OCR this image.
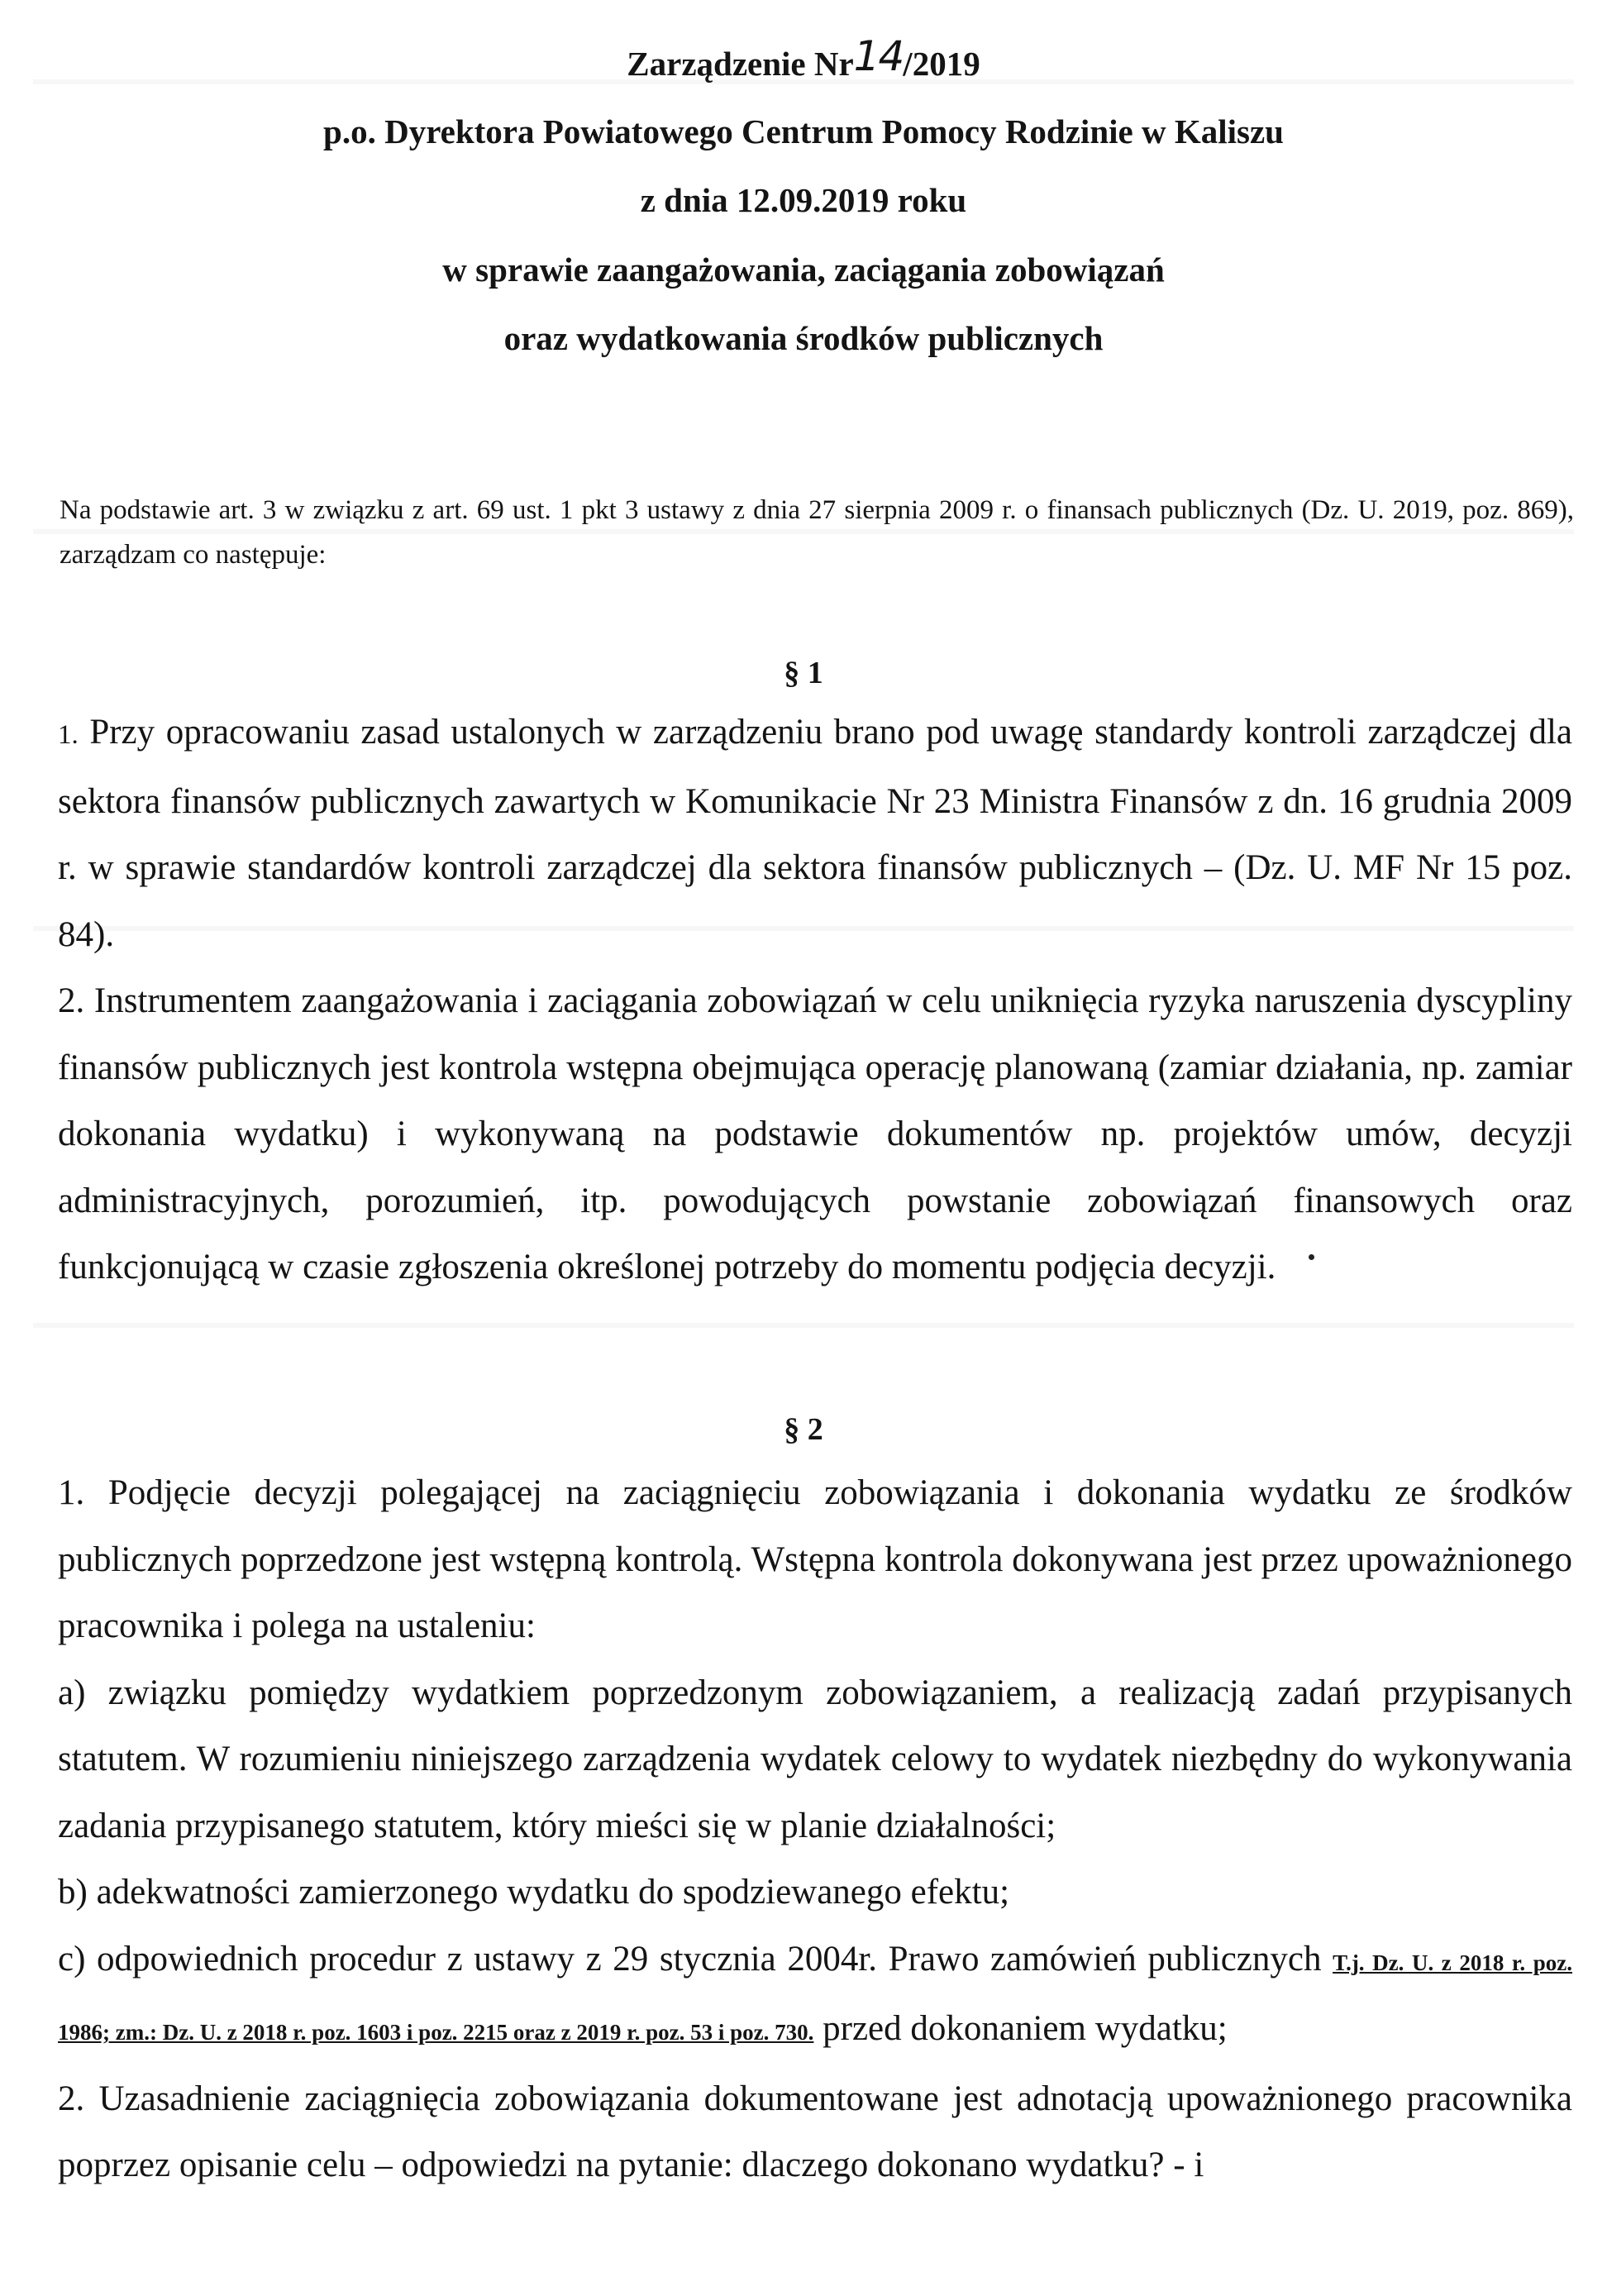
Zarządzenie Nr14/2019
p.o. Dyrektora Powiatowego Centrum Pomocy Rodzinie w Kaliszu
z dnia 12.09.2019 roku
w sprawie zaangażowania, zaciągania zobowiązań
oraz wydatkowania środków publicznych
Na podstawie art. 3 w związku z art. 69 ust. 1 pkt 3 ustawy z dnia 27 sierpnia 2009 r. o finansach publicznych (Dz. U. 2019, poz. 869), zarządzam co następuje:
§ 1

1. Przy opracowaniu zasad ustalonych w zarządzeniu brano pod uwagę standardy kontroli zarządczej dla sektora finansów publicznych zawartych w Komunikacie Nr 23 Ministra Finansów z dn. 16 grudnia 2009 r. w sprawie standardów kontroli zarządczej dla sektora finansów publicznych – (Dz. U. MF Nr 15 poz. 84).

2. Instrumentem zaangażowania i zaciągania zobowiązań w celu uniknięcia ryzyka naruszenia dyscypliny finansów publicznych jest kontrola wstępna obejmująca operację planowaną (zamiar działania, np. zamiar dokonania wydatku) i wykonywaną na podstawie dokumentów np. projektów umów, decyzji administracyjnych, porozumień, itp. powodujących powstanie zobowiązań finansowych oraz funkcjonującą w czasie zgłoszenia określonej potrzeby do momentu podjęcia decyzji.

§ 2

1. Podjęcie decyzji polegającej na zaciągnięciu zobowiązania i dokonania wydatku ze środków publicznych poprzedzone jest wstępną kontrolą. Wstępna kontrola dokonywana jest przez upoważnionego pracownika i polega na ustaleniu:

a) związku pomiędzy wydatkiem poprzedzonym zobowiązaniem, a realizacją zadań przypisanych statutem. W rozumieniu niniejszego zarządzenia wydatek celowy to wydatek niezbędny do wykonywania zadania przypisanego statutem, który mieści się w planie działalności;

b) adekwatności zamierzonego wydatku do spodziewanego efektu;

c) odpowiednich procedur z ustawy z 29 stycznia 2004r. Prawo zamówień publicznych T.j. Dz. U. z 2018 r. poz. 1986; zm.: Dz. U. z 2018 r. poz. 1603 i poz. 2215 oraz z 2019 r. poz. 53 i poz. 730. przed dokonaniem wydatku;

2. Uzasadnienie zaciągnięcia zobowiązania dokumentowane jest adnotacją upoważnionego pracownika poprzez opisanie celu – odpowiedzi na pytanie: dlaczego dokonano wydatku? - i
